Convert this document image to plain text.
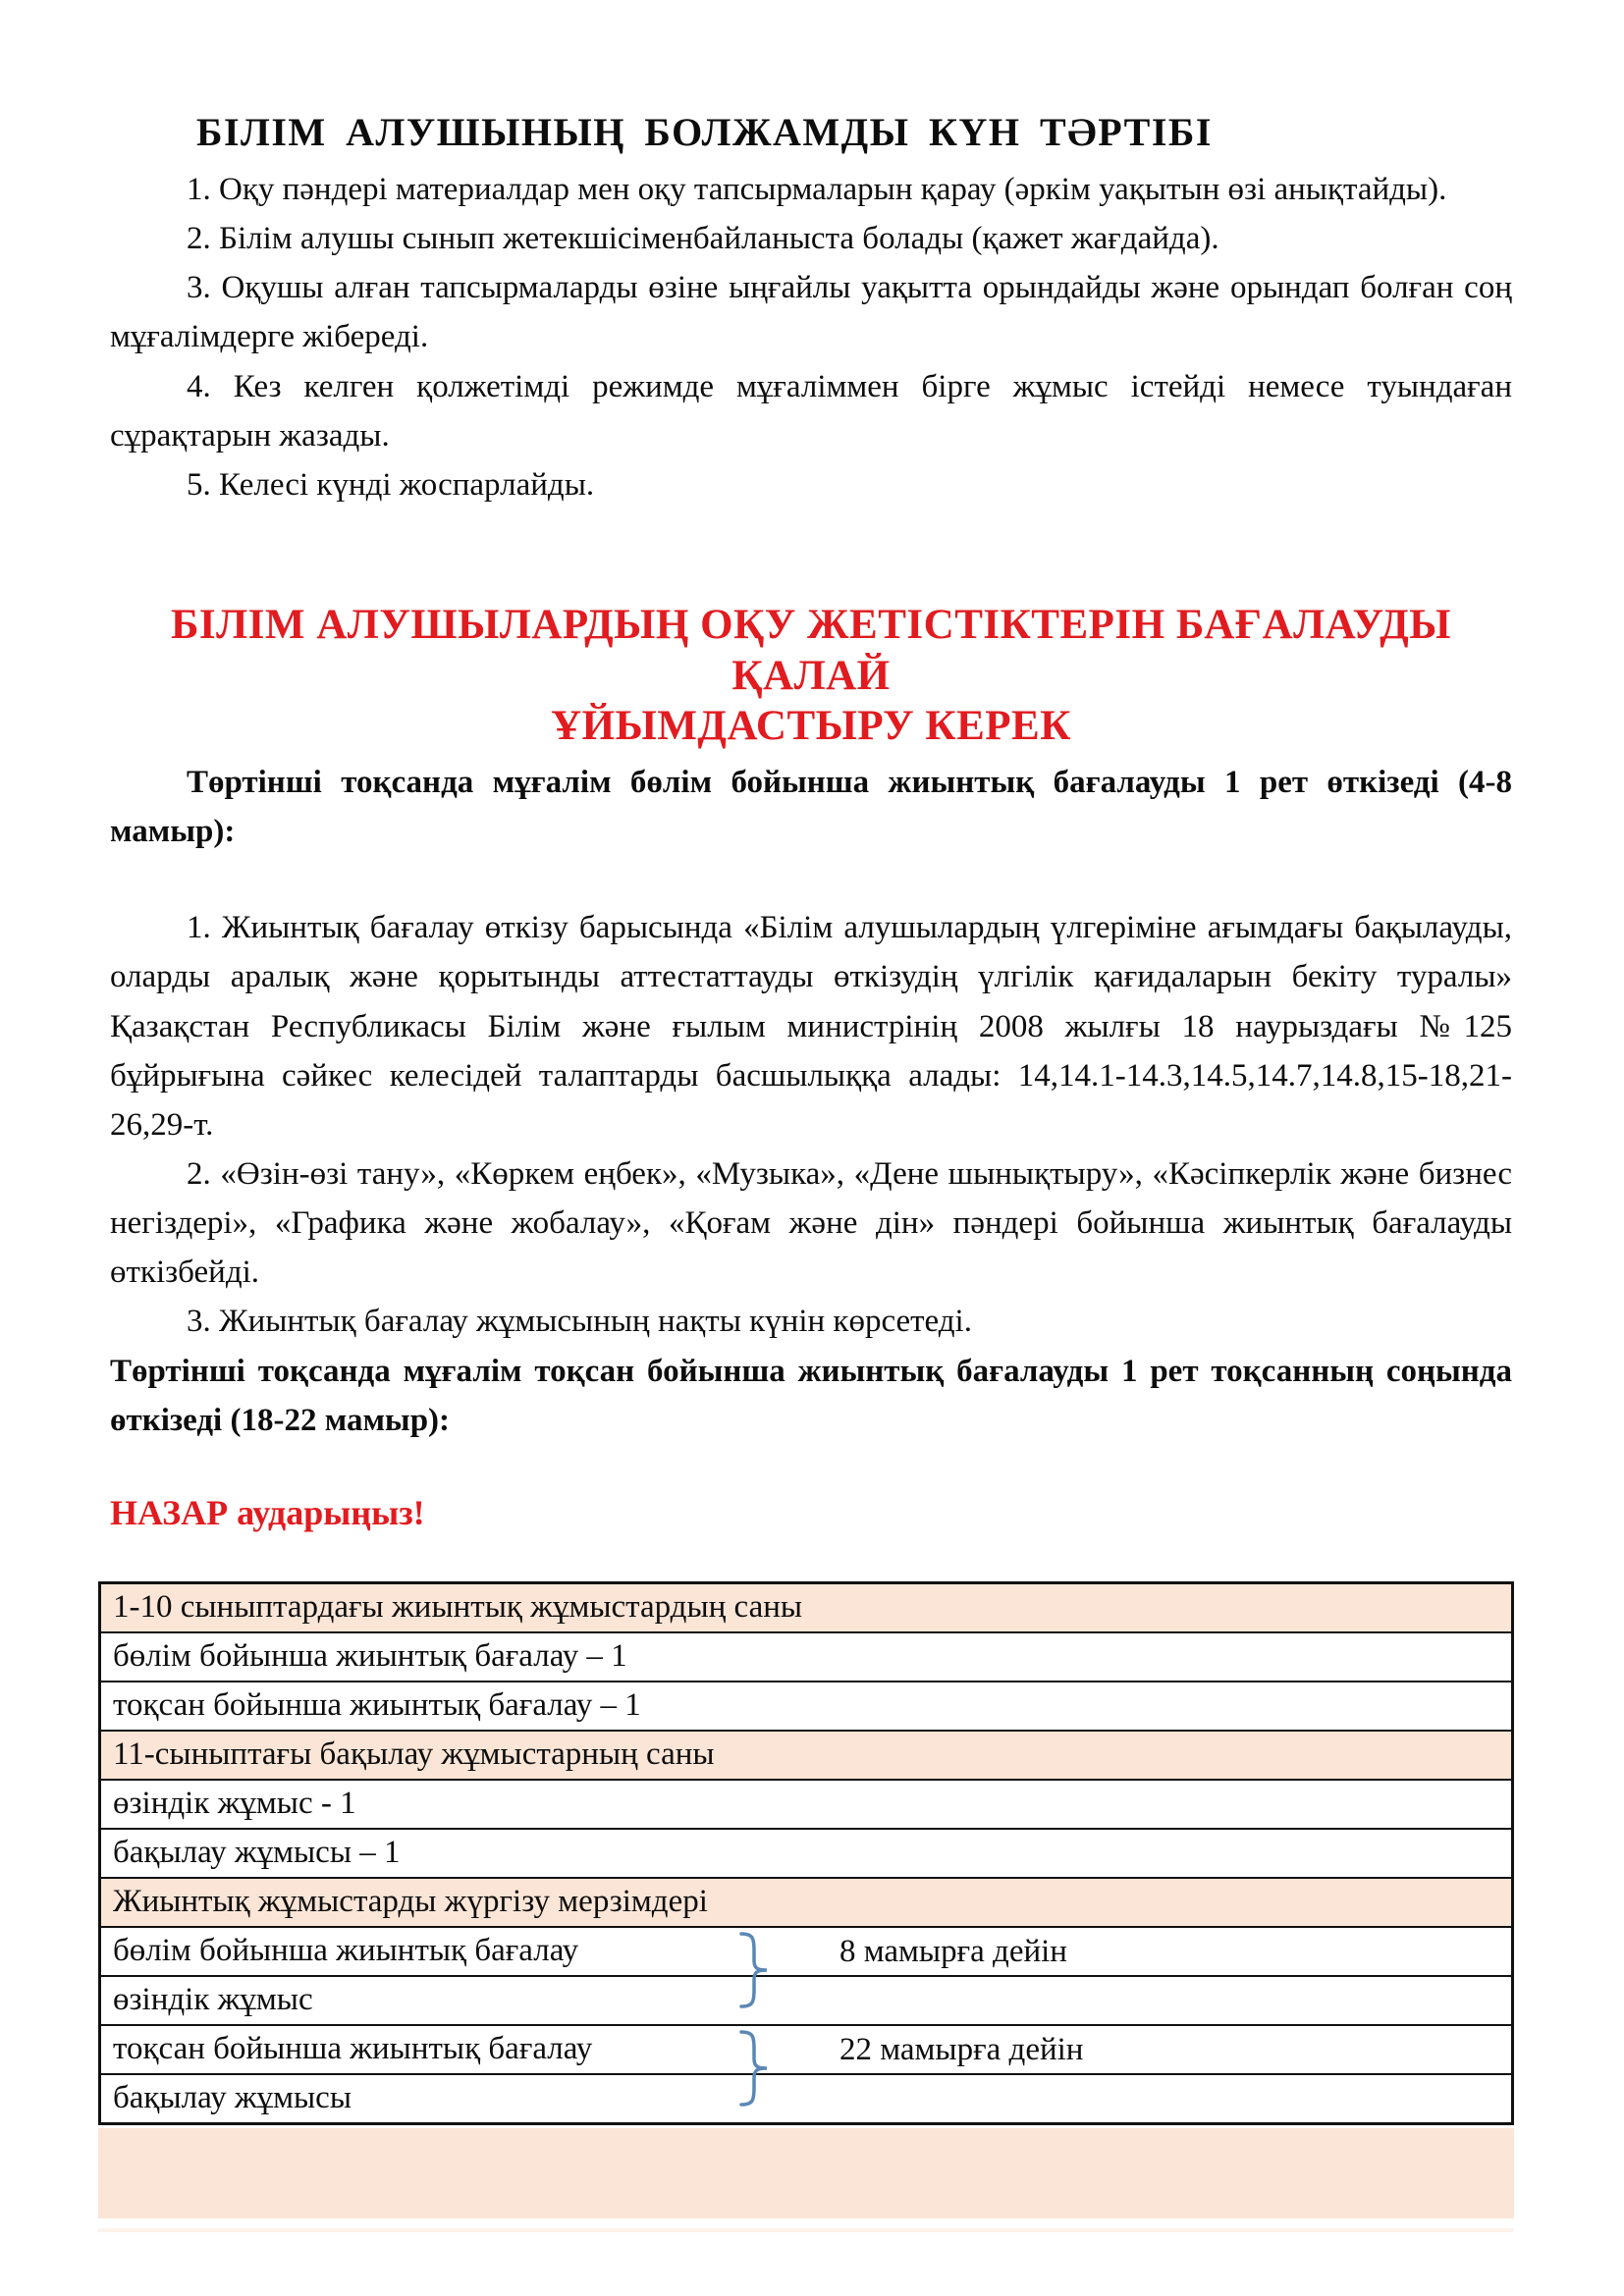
БІЛІМ АЛУШЫНЫҢ БОЛЖАМДЫ КҮН ТӘРТІБІ

1. Оқу пәндері материалдар мен оқу тапсырмаларын қарау (әркім уақытын өзі анықтайды).

2. Білім алушы сынып жетекшісіменбайланыста болады (қажет жағдайда).

3. Оқушы алған тапсырмаларды өзіне ыңғайлы уақытта орындайды және орындап болған соң мұғалімдерге жібереді.

4. Кез келген қолжетімді режимде мұғаліммен бірге жұмыс істейді немесе туындаған сұрақтарын жазады.

5. Келесі күнді жоспарлайды.

БІЛІМ АЛУШЫЛАРДЫҢ ОҚУ ЖЕТІСТІКТЕРІН БАҒАЛАУДЫ ҚАЛАЙ
ҰЙЫМДАСТЫРУ КЕРЕК

Төртінші тоқсанда мұғалім бөлім бойынша жиынтық бағалауды 1 рет өткізеді (4-8 мамыр):

1. Жиынтық бағалау өткізу барысында «Білім алушылардың үлгеріміне ағымдағы бақылауды, оларды аралық және қорытынды аттестаттауды өткізудің үлгілік қағидаларын бекіту туралы» Қазақстан Республикасы Білім және ғылым министрінің 2008 жылғы 18 наурыздағы №125 бұйрығына сәйкес келесідей талаптарды басшылыққа алады: 14,14.1-14.3,14.5,14.7,14.8,15-18,21-26,29-т.

2. «Өзін-өзі тану», «Көркем еңбек», «Музыка», «Дене шынықтыру», «Кәсіпкерлік және бизнес негіздері», «Графика және жобалау», «Қоғам және дін» пәндері бойынша жиынтық бағалауды өткізбейді.

3. Жиынтық бағалау жұмысының нақты күнін көрсетеді.

Төртінші тоқсанда мұғалім тоқсан бойынша жиынтық бағалауды 1 рет тоқсанның соңында өткізеді (18-22 мамыр):

НАЗАР аударыңыз!
1-10 сыныптардағы жиынтық жұмыстардың саны
бөлім бойынша жиынтық бағалау – 1
тоқсан бойынша жиынтық бағалау – 1
11-сыныптағы бақылау жұмыстарның саны
өзіндік жұмыс - 1
бақылау жұмысы – 1
Жиынтық жұмыстарды жүргізу мерзімдері
бөлім бойынша жиынтық бағалау	8 мамырға дейін

өзіндік жұмыс
тоқсан бойынша жиынтық бағалау	22 мамырға дейін

бақылау жұмысы
